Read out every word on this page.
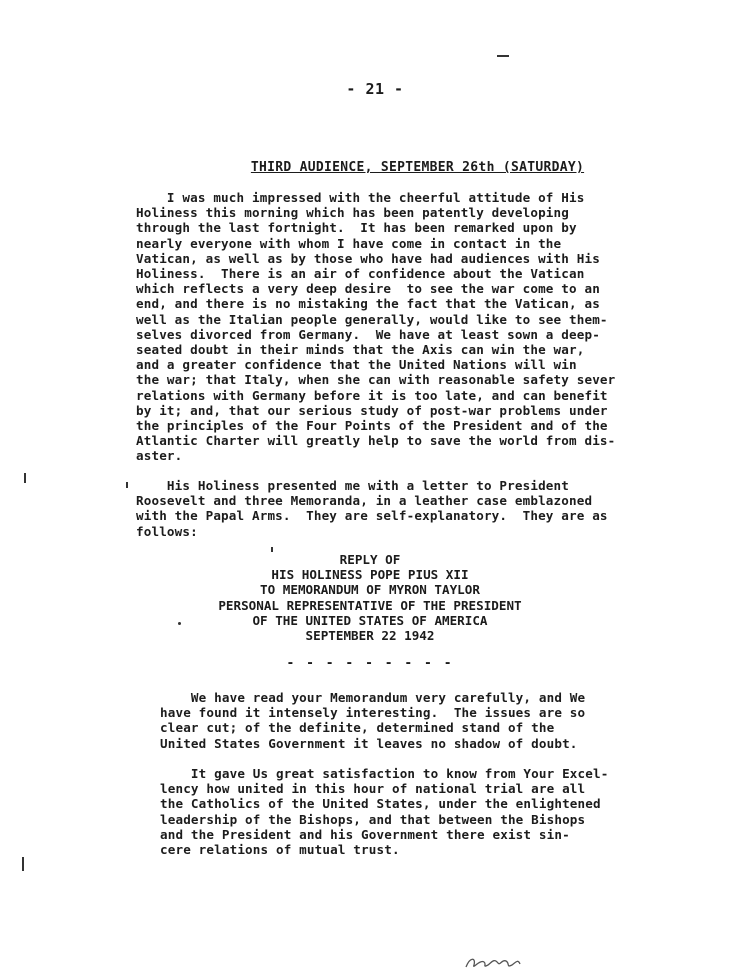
- 21 -
THIRD AUDIENCE, SEPTEMBER 26th (SATURDAY)

I was much impressed with the cheerful attitude of His
Holiness this morning which has been patently developing
through the last fortnight.  It has been remarked upon by
nearly everyone with whom I have come in contact in the
Vatican, as well as by those who have had audiences with His
Holiness.  There is an air of confidence about the Vatican
which reflects a very deep desire  to see the war come to an
end, and there is no mistaking the fact that the Vatican, as
well as the Italian people generally, would like to see them-
selves divorced from Germany.  We have at least sown a deep-
seated doubt in their minds that the Axis can win the war,
and a greater confidence that the United Nations will win
the war; that Italy, when she can with reasonable safety sever
relations with Germany before it is too late, and can benefit
by it; and, that our serious study of post-war problems under
the principles of the Four Points of the President and of the
Atlantic Charter will greatly help to save the world from dis-
aster.

His Holiness presented me with a letter to President
Roosevelt and three Memoranda, in a leather case emblazoned
with the Papal Arms.  They are self-explanatory.  They are as
follows:

REPLY OF
HIS HOLINESS POPE PIUS XII
TO MEMORANDUM OF MYRON TAYLOR
PERSONAL REPRESENTATIVE OF THE PRESIDENT
OF THE UNITED STATES OF AMERICA
SEPTEMBER 22 1942
- - - - - - - - -

We have read your Memorandum very carefully, and We
have found it intensely interesting.  The issues are so
clear cut; of the definite, determined stand of the
United States Government it leaves no shadow of doubt.

It gave Us great satisfaction to know from Your Excel-
lency how united in this hour of national trial are all
the Catholics of the United States, under the enlightened
leadership of the Bishops, and that between the Bishops
and the President and his Government there exist sin-
cere relations of mutual trust.
